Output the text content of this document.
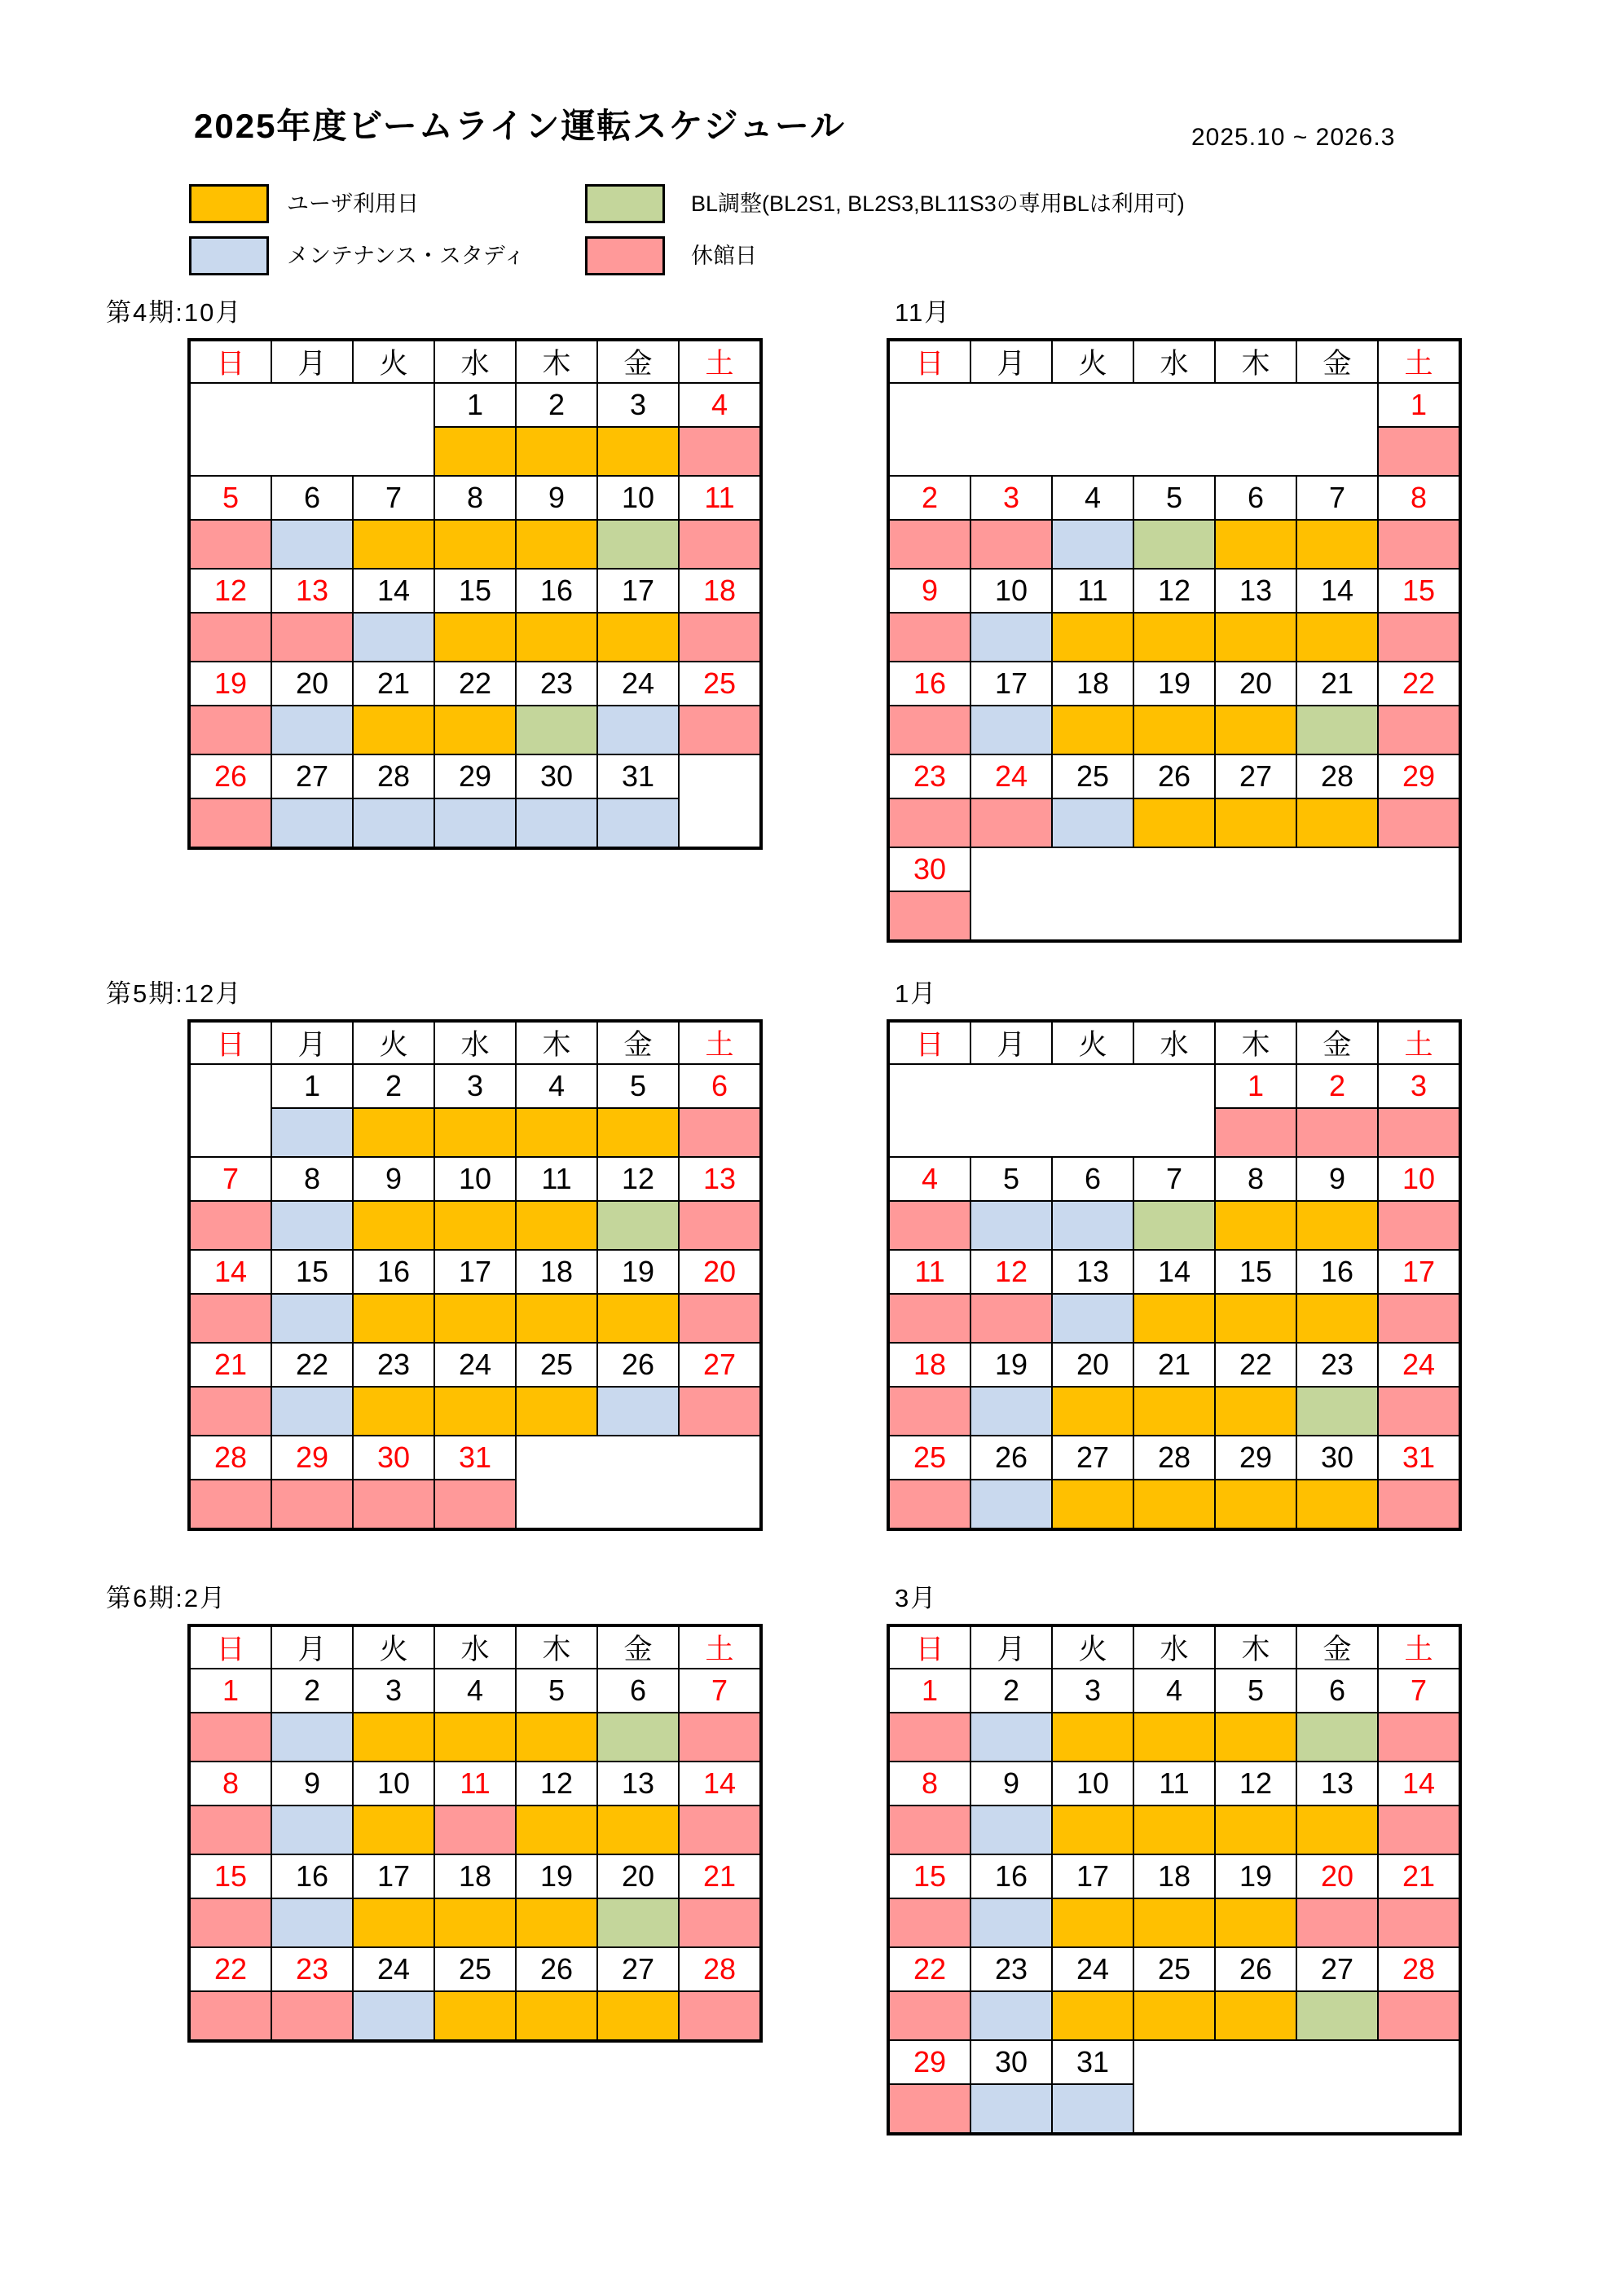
2025年度ビームライン運転スケジュール	2025.10 ~ 2026.3
ユーザ利用日	BL調整(BL2S1, BL2S3,BL11S3の専用BLは利用可)
メンテナンス・スタディ	休館日
第4期:10月
日	月	火	水	木	金	土
			1	2	3	4

5	6	7	8	9	10	11

12	13	14	15	16	17	18

19	20	21	22	23	24	25

26	27	28	29	30	31	

11月
日	月	火	水	木	金	土
						1

2	3	4	5	6	7	8

9	10	11	12	13	14	15

16	17	18	19	20	21	22

23	24	25	26	27	28	29

30						

第5期:12月
日	月	火	水	木	金	土
	1	2	3	4	5	6

7	8	9	10	11	12	13

14	15	16	17	18	19	20

21	22	23	24	25	26	27

28	29	30	31			

1月
日	月	火	水	木	金	土
				1	2	3

4	5	6	7	8	9	10

11	12	13	14	15	16	17

18	19	20	21	22	23	24

25	26	27	28	29	30	31

第6期:2月
日	月	火	水	木	金	土
1	2	3	4	5	6	7

8	9	10	11	12	13	14

15	16	17	18	19	20	21

22	23	24	25	26	27	28

3月
日	月	火	水	木	金	土
1	2	3	4	5	6	7

8	9	10	11	12	13	14

15	16	17	18	19	20	21

22	23	24	25	26	27	28

29	30	31				
